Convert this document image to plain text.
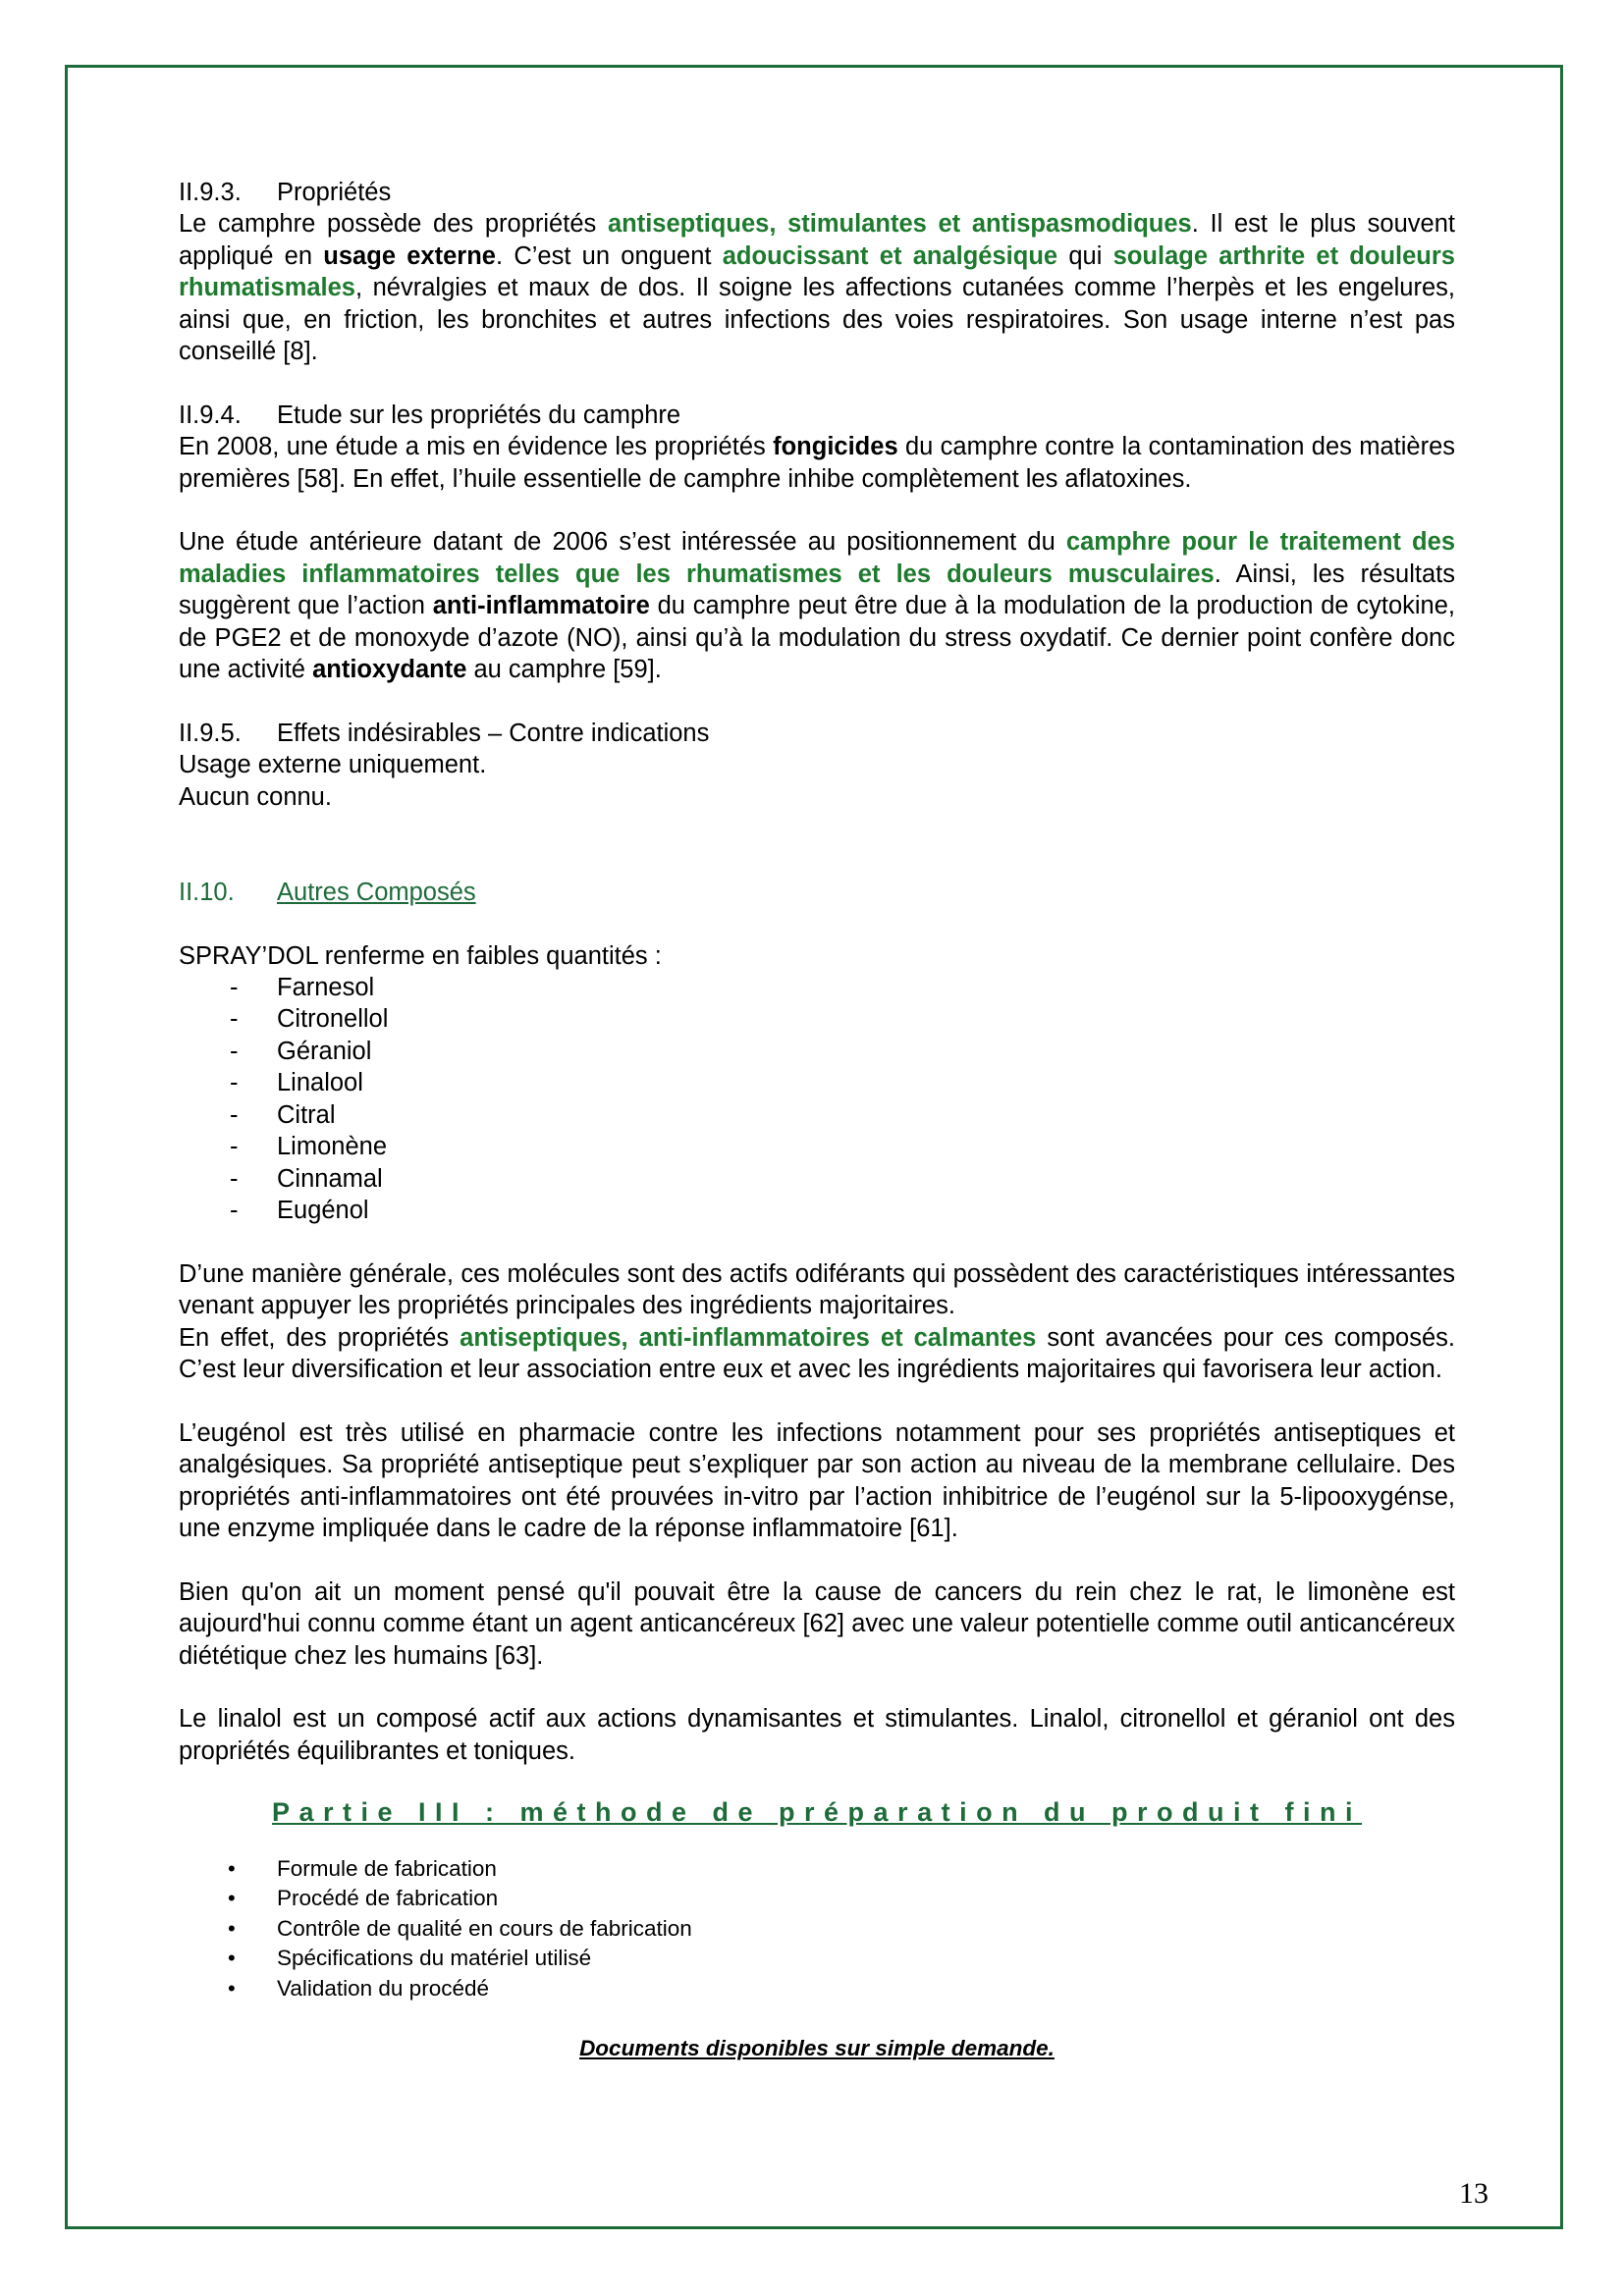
II.9.3. Propriétés

Le camphre possède des propriétés antiseptiques, stimulantes et antispasmodiques. Il est le plus souvent appliqué en usage externe. C’est un onguent adoucissant et analgésique qui soulage arthrite et douleurs rhumatismales, névralgies et maux de dos. Il soigne les affections cutanées comme l’herpès et les engelures, ainsi que, en friction, les bronchites et autres infections des voies respiratoires. Son usage interne n’est pas conseillé [8].

II.9.4. Etude sur les propriétés du camphre

En 2008, une étude a mis en évidence les propriétés fongicides du camphre contre la contamination des matières premières [58]. En effet, l’huile essentielle de camphre inhibe complètement les aflatoxines.

Une étude antérieure datant de 2006 s’est intéressée au positionnement du camphre pour le traitement des maladies inflammatoires telles que les rhumatismes et les douleurs musculaires. Ainsi, les résultats suggèrent que l’action anti-inflammatoire du camphre peut être due à la modulation de la production de cytokine, de PGE2 et de monoxyde d’azote (NO), ainsi qu’à la modulation du stress oxydatif. Ce dernier point confère donc une activité antioxydante au camphre [59].

II.9.5. Effets indésirables – Contre indications

Usage externe uniquement.

Aucun connu.

II.10. Autres Composés

SPRAY’DOL renferme en faibles quantités :

- Farnesol
- Citronellol
- Géraniol
- Linalool
- Citral
- Limonène
- Cinnamal
- Eugénol

D’une manière générale, ces molécules sont des actifs odiférants qui possèdent des caractéristiques intéressantes venant appuyer les propriétés principales des ingrédients majoritaires.

En effet, des propriétés antiseptiques, anti-inflammatoires et calmantes sont avancées pour ces composés. C’est leur diversification et leur association entre eux et avec les ingrédients majoritaires qui favorisera leur action.

L’eugénol est très utilisé en pharmacie contre les infections notamment pour ses propriétés antiseptiques et analgésiques. Sa propriété antiseptique peut s’expliquer par son action au niveau de la membrane cellulaire. Des propriétés anti-inflammatoires ont été prouvées in-vitro par l’action inhibitrice de l’eugénol sur la 5-lipooxygénse, une enzyme impliquée dans le cadre de la réponse inflammatoire [61].

Bien qu'on ait un moment pensé qu'il pouvait être la cause de cancers du rein chez le rat, le limonène est aujourd'hui connu comme étant un agent anticancéreux [62] avec une valeur potentielle comme outil anticancéreux diététique chez les humains [63].

Le linalol est un composé actif aux actions dynamisantes et stimulantes. Linalol, citronellol et géraniol ont des propriétés équilibrantes et toniques.

Partie III : méthode de préparation du produit fini
• Formule de fabrication
• Procédé de fabrication
• Contrôle de qualité en cours de fabrication
• Spécifications du matériel utilisé
• Validation du procédé
Documents disponibles sur simple demande.
13
